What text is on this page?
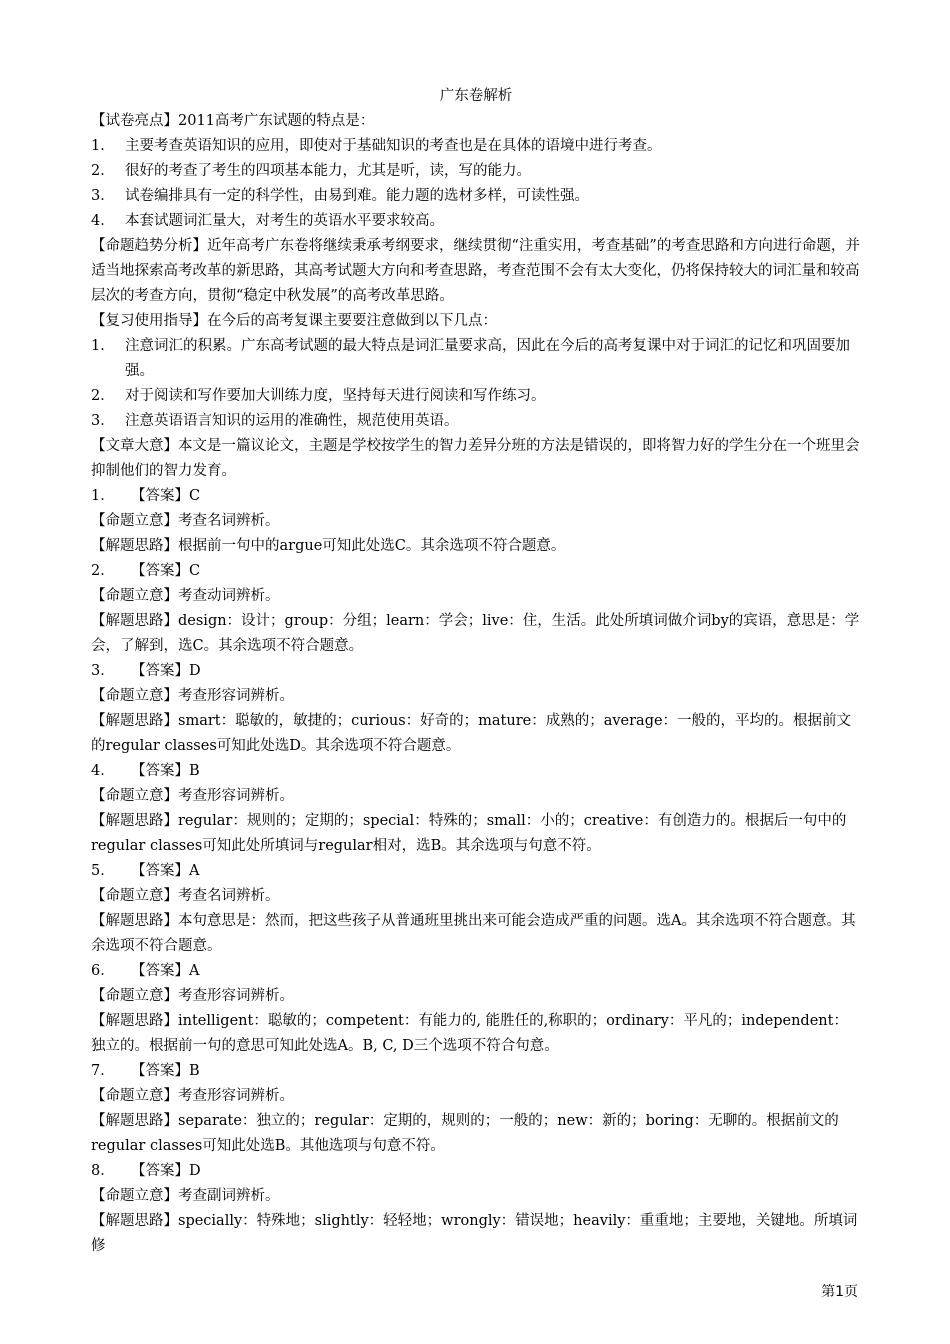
广东卷解析

【试卷亮点】2011高考广东试题的特点是：

1． 主要考查英语知识的应用，即使对于基础知识的考查也是在具体的语境中进行考查。
2． 很好的考查了考生的四项基本能力，尤其是听，读，写的能力。
3． 试卷编排具有一定的科学性，由易到难。能力题的选材多样，可读性强。
4． 本套试题词汇量大，对考生的英语水平要求较高。

【命题趋势分析】近年高考广东卷将继续秉承考纲要求，继续贯彻“注重实用，考查基础”的考查思路和方向进行命题，并适当地探索高考改革的新思路，其高考试题大方向和考查思路，考查范围不会有太大变化，仍将保持较大的词汇量和较高层次的考查方向，贯彻“稳定中秋发展”的高考改革思路。

【复习使用指导】在今后的高考复课主要要注意做到以下几点：

1． 注意词汇的积累。广东高考试题的最大特点是词汇量要求高，因此在今后的高考复课中对于词汇的记忆和巩固要加强。
2． 对于阅读和写作要加大训练力度，坚持每天进行阅读和写作练习。
3． 注意英语语言知识的运用的准确性，规范使用英语。

【文章大意】本文是一篇议论文，主题是学校按学生的智力差异分班的方法是错误的，即将智力好的学生分在一个班里会抑制他们的智力发育。

1．	【答案】C

【命题立意】考查名词辨析。

【解题思路】根据前一句中的argue可知此处选C。其余选项不符合题意。

2．	【答案】C

【命题立意】考查动词辨析。

【解题思路】design：设计；group：分组；learn：学会；live：住，生活。此处所填词做介词by的宾语，意思是：学会，了解到，选C。其余选项不符合题意。

3．	【答案】D

【命题立意】考查形容词辨析。

【解题思路】smart：聪敏的，敏捷的；curious：好奇的；mature：成熟的；average：一般的，平均的。根据前文的regular classes可知此处选D。其余选项不符合题意。

4．	【答案】B

【命题立意】考查形容词辨析。

【解题思路】regular：规则的；定期的；special：特殊的；small：小的；creative：有创造力的。根据后一句中的regular classes可知此处所填词与regular相对，选B。其余选项与句意不符。

5．	【答案】A

【命题立意】考查名词辨析。

【解题思路】本句意思是：然而，把这些孩子从普通班里挑出来可能会造成严重的问题。选A。其余选项不符合题意。其余选项不符合题意。

6．	【答案】A

【命题立意】考查形容词辨析。

【解题思路】intelligent：聪敏的；competent：有能力的, 能胜任的,称职的；ordinary：平凡的；independent：独立的。根据前一句的意思可知此处选A。B, C, D三个选项不符合句意。

7．	【答案】B

【命题立意】考查形容词辨析。

【解题思路】separate：独立的；regular：定期的，规则的；一般的；new：新的；boring：无聊的。根据前文的regular classes可知此处选B。其他选项与句意不符。

8．	【答案】D

【命题立意】考查副词辨析。

【解题思路】specially：特殊地；slightly：轻轻地；wrongly：错误地；heavily：重重地；主要地，关键地。所填词修

第1页
